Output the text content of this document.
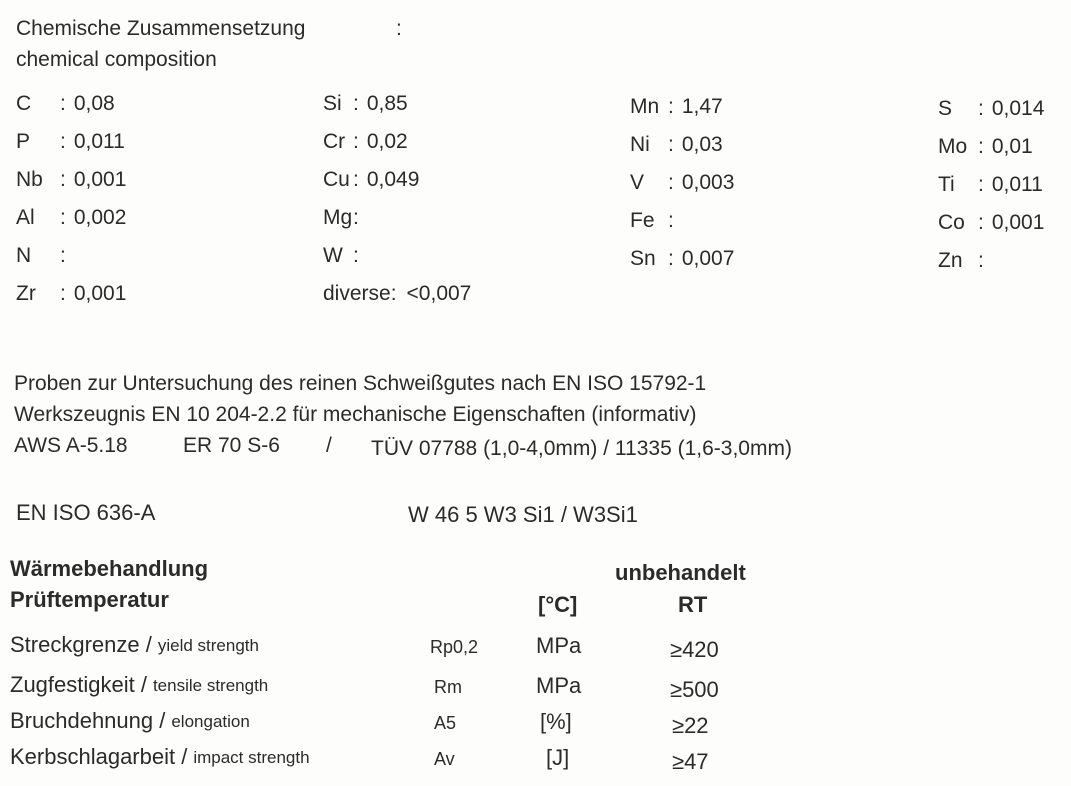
Chemische Zusammensetzung	:
chemical composition
C : 0,08
P : 0,011
Nb : 0,001
Al : 0,002
N :
Zr : 0,001
Si : 0,85
Cr : 0,02
Cu : 0,049
Mg:
W :
diverse: <0,007
Mn : 1,47
Ni : 0,03
V : 0,003
Fe :
Sn : 0,007
S : 0,014
Mo : 0,01
Ti : 0,011
Co : 0,001
Zn :
Proben zur Untersuchung des reinen Schweißgutes nach EN ISO 15792-1
Werkszeugnis EN 10 204-2.2 für mechanische Eigenschaften (informativ)
AWS A-5.18	ER 70 S-6 / TÜV 07788 (1,0-4,0mm) / 11335 (1,6-3,0mm)
EN ISO 636-A	W 46 5 W3 Si1 / W3Si1
Wärmebehandlung
Prüftemperatur
unbehandelt
[°C]	RT
Streckgrenze / yield strength	Rp0,2	MPa	≥420
Zugfestigkeit / tensile strength	Rm	MPa	≥500
Bruchdehnung / elongation	A5	[%]	≥22
Kerbschlagarbeit / impact strength	Av	[J]	≥47
